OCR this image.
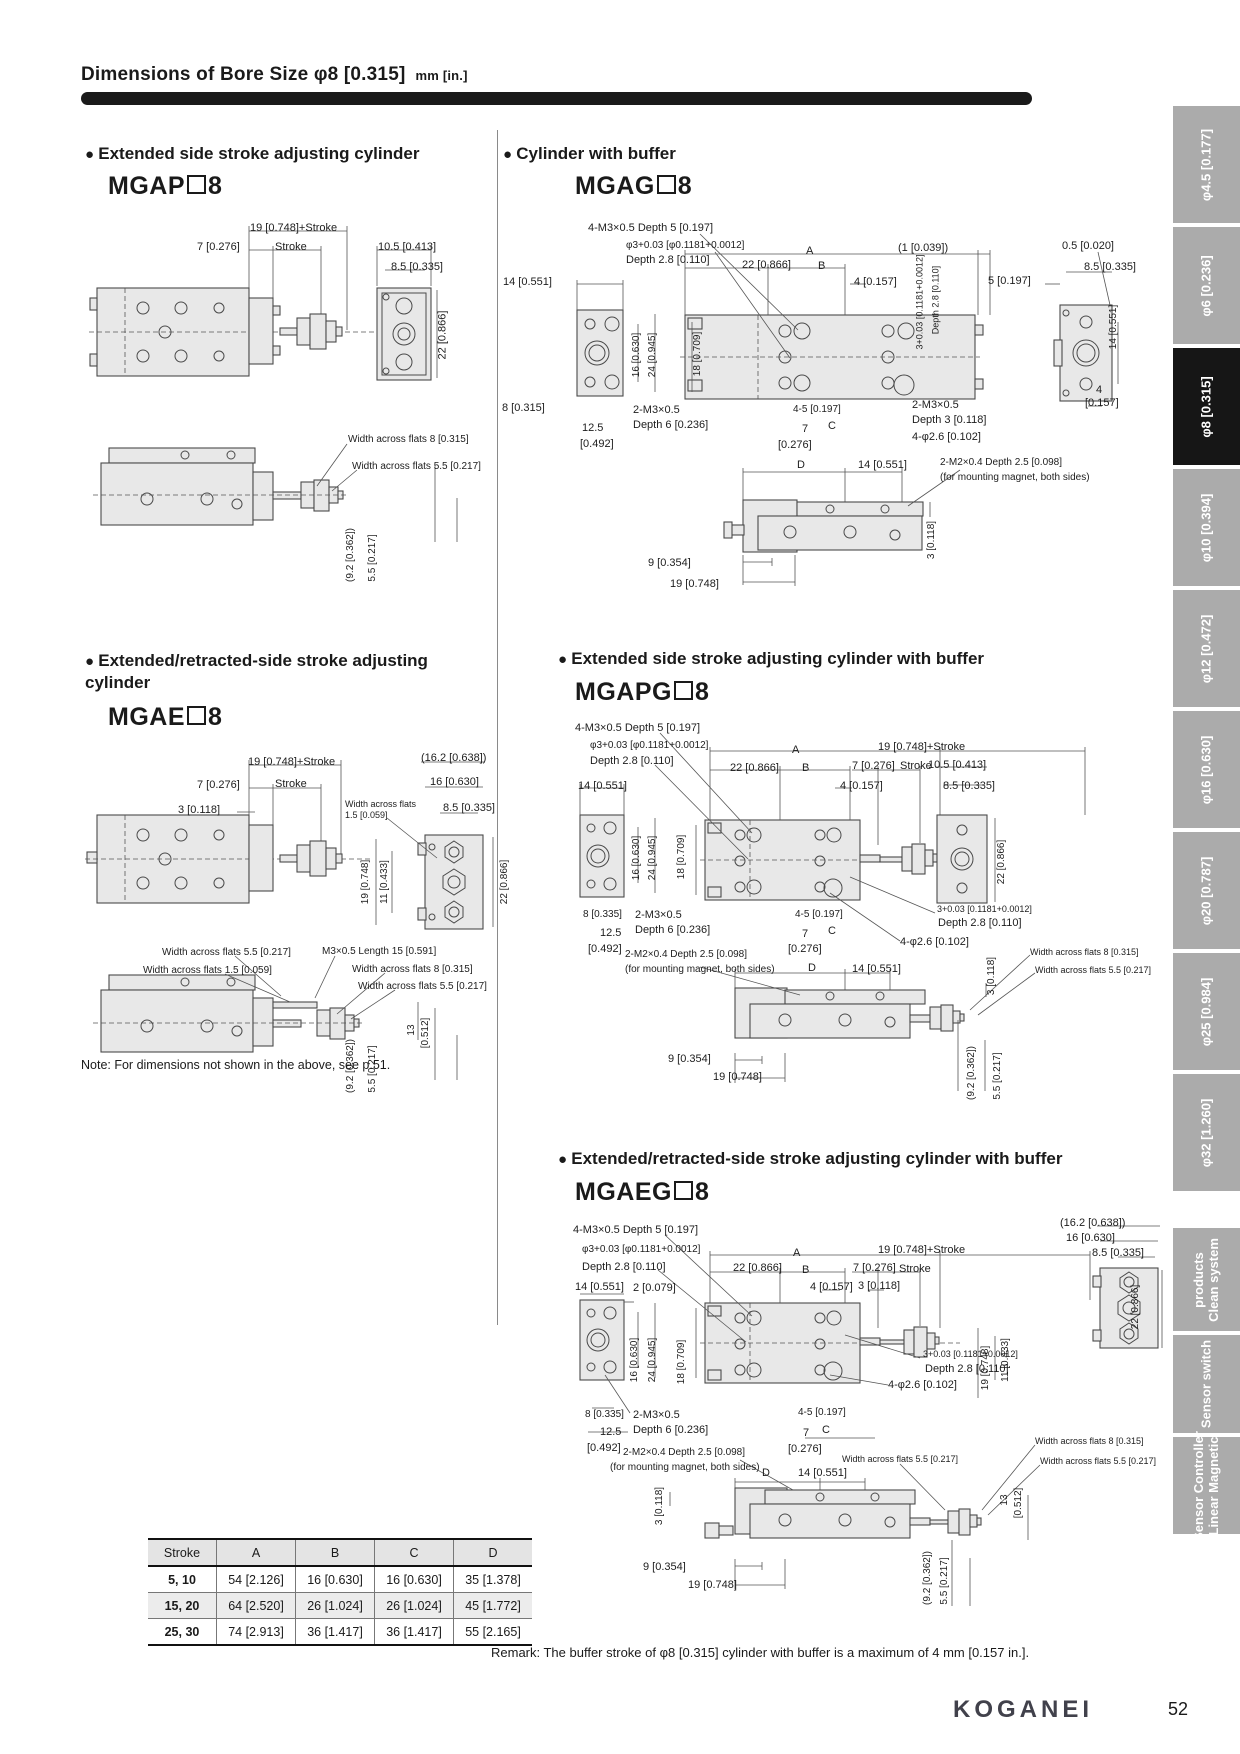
Dimensions of Bore Size φ8 [0.315] mm [in.]
● Extended side stroke adjusting cylinder
MGAP 8
19 [0.748]+Stroke
Stroke
7 [0.276]	10.5 [0.413]
8.5 [0.335]
22 [0.866]
Width across flats 8 [0.315]
Width across flats 5.5 [0.217]
(9.2 [0.362]) 5.5 [0.217]
● Cylinder with buffer
MGAG 8
4-M3×0.5 Depth 5 [0.197]
φ3+0.03 [φ0.1181+0.0012]
Depth 2.8 [0.110]
14 [0.551]
A	(1 [0.039])
22 [0.866] B
4 [0.157] 3+0.03 [0.1181+0.0012] Depth 2.8 [0.110]	5 [0.197]
0.5 [0.020]
8.5 [0.335]
14 [0.551]
4
[0.157]
16 [0.630] 24 [0.945]	18 [0.709]
8 [0.315]
12.5
[0.492]
2-M3×0.5
Depth 6 [0.236]
4-5 [0.197]
7 C
[0.276]
2-M3×0.5
Depth 3 [0.118]
4-φ2.6 [0.102]
D	14 [0.551]	2-M2×0.4 Depth 2.5 [0.098]
(for mounting magnet, both sides)
3 [0.118]
9 [0.354]
19 [0.748]
● Extended/retracted-side stroke adjusting cylinder
MGAE 8
19 [0.748]+Stroke
7 [0.276]	Stroke
3 [0.118]
(16.2 [0.638])
16 [0.630]
Width across flats
1.5 [0.059]
8.5 [0.335]
19 [0.748] 11 [0.433]	22 [0.866]
Width across flats 5.5 [0.217]
Width across flats 1.5 [0.059]
M3×0.5 Length 15 [0.591]
Width across flats 8 [0.315]
Width across flats 5.5 [0.217]
13 [0.512]
(9.2 [0.362]) 5.5 [0.217]
Note: For dimensions not shown in the above, see p.51.
● Extended side stroke adjusting cylinder with buffer
MGAPG 8
4-M3×0.5 Depth 5 [0.197]
φ3+0.03 [φ0.1181+0.0012]
Depth 2.8 [0.110]
14 [0.551]
A	19 [0.748]+Stroke
22 [0.866] B	7 [0.276] Stroke
4 [0.157]
10.5 [0.413]
8.5 [0.335]
22 [0.866]
16 [0.630] 24 [0.945] 18 [0.709]
8 [0.335]
12.5
[0.492]
2-M3×0.5
Depth 6 [0.236]
4-5 [0.197]
7 C
[0.276]
3+0.03 [0.1181+0.0012]
Depth 2.8 [0.110]
4-φ2.6 [0.102]
2-M2×0.4 Depth 2.5 [0.098]
(for mounting magnet, both sides)	D	14 [0.551]	3 [0.118]
Width across flats 8 [0.315]
Width across flats 5.5 [0.217]
9 [0.354]
19 [0.748]	(9.2 [0.362]) 5.5 [0.217]
● Extended/retracted-side stroke adjusting cylinder with buffer
MGAEG 8
4-M3×0.5 Depth 5 [0.197]
φ3+0.03 [φ0.1181+0.0012]
Depth 2.8 [0.110]
14 [0.551] 2 [0.079]
A	19 [0.748]+Stroke
22 [0.866] B
4 [0.157]
7 [0.276] Stroke
3 [0.118]
(16.2 [0.638])
16 [0.630]
8.5 [0.335]
22 [0.866]
16 [0.630] 24 [0.945] 18 [0.709]	19 [0.748] 11 [0.433]
8 [0.335]
12.5
[0.492]
2-M3×0.5
Depth 6 [0.236]
4-5 [0.197]
7 C
[0.276]
3+0.03 [0.1181+0.0012]
Depth 2.8 [0.110]
4-φ2.6 [0.102]
2-M2×0.4 Depth 2.5 [0.098]
(for mounting magnet, both sides) D	14 [0.551]
Width across flats 5.5 [0.217]
Width across flats 8 [0.315]
Width across flats 5.5 [0.217]
3 [0.118]	13 [0.512]
9 [0.354]
19 [0.748]	(9.2 [0.362]) 5.5 [0.217]
Stroke	A	B	C	D
5, 10	54 [2.126]	16 [0.630]	16 [0.630]	35 [1.378]
15, 20	64 [2.520]	26 [1.024]	26 [1.024]	45 [1.772]
25, 30	74 [2.913]	36 [1.417]	36 [1.417]	55 [2.165]
Remark: The buffer stroke of φ8 [0.315] cylinder with buffer is a maximum of 4 mm [0.157 in.].
φ4.5 [0.177]
φ6 [0.236]
φ8 [0.315]
φ10 [0.394]
φ12 [0.472]
φ16 [0.630]
φ20 [0.787]
φ25 [0.984]
φ32 [1.260]
products
Clean system
Sensor switch
Sensor Controller
Linear Magnetic
KOGANEI	52
